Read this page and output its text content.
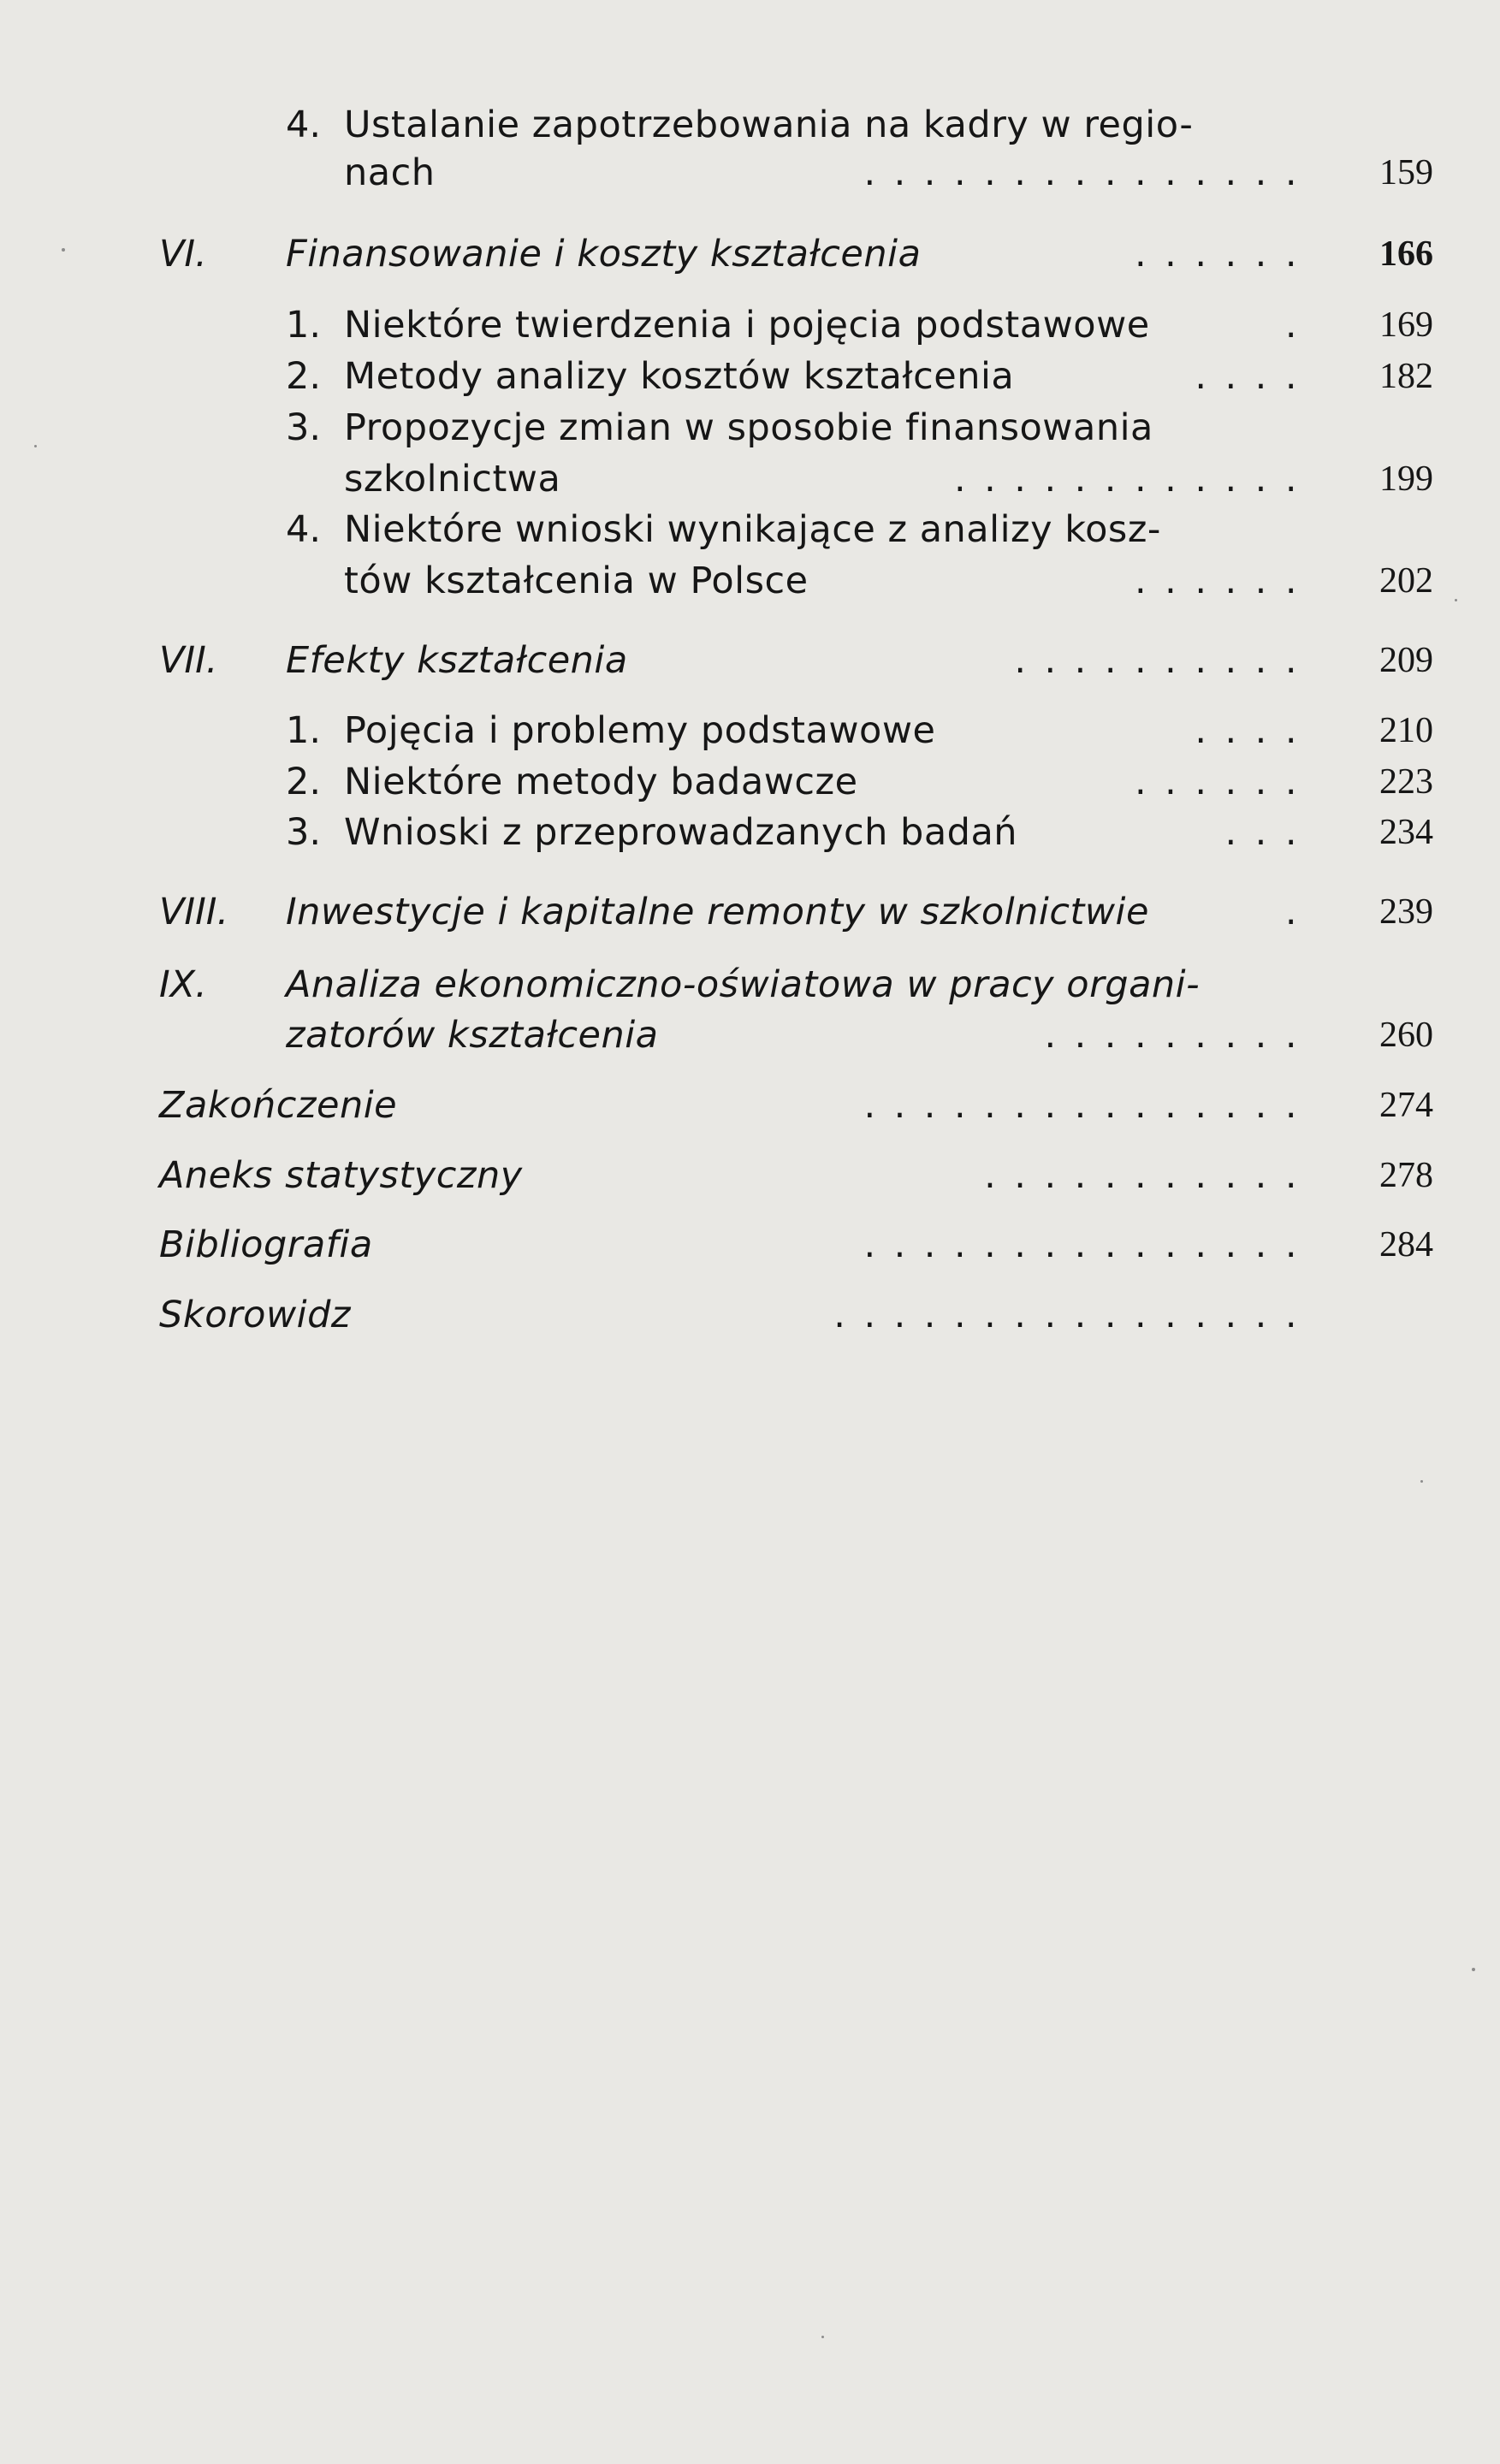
4. Ustalanie zapotrzebowania na kadry w regio-
nach	............... 159
VI. Finansowanie i koszty kształcenia	...... 166
1. Niektóre twierdzenia i pojęcia podstawowe	. 169
2. Metody analizy kosztów kształcenia	.... 182
3. Propozycje zmian w sposobie finansowania
szkolnictwa	............ 199
4. Niektóre wnioski wynikające z analizy kosz-
tów kształcenia w Polsce	...... 202
VII. Efekty kształcenia	.......... 209
1. Pojęcia i problemy podstawowe	.... 210
2. Niektóre metody badawcze	...... 223
3. Wnioski z przeprowadzanych badań	... 234
VIII. Inwestycje i kapitalne remonty w szkolnictwie	. 239
IX. Analiza ekonomiczno-oświatowa w pracy organi-
zatorów kształcenia	......... 260
Zakończenie	............... 274
Aneks statystyczny	........... 278
Bibliografia	............... 284
Skorowidz	................
